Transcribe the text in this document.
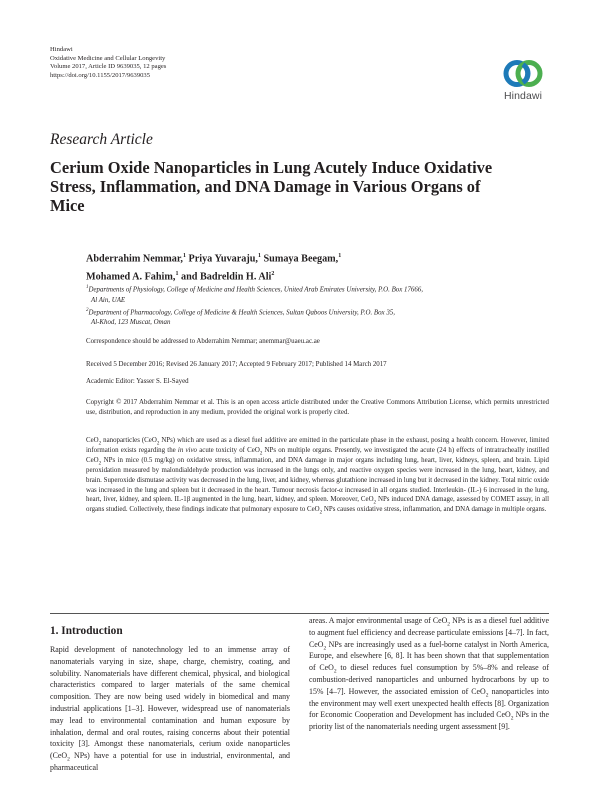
Hindawi
Oxidative Medicine and Cellular Longevity
Volume 2017, Article ID 9639035, 12 pages
https://doi.org/10.1155/2017/9639035
Hindawi
Research Article
Cerium Oxide Nanoparticles in Lung Acutely Induce Oxidative Stress, Inflammation, and DNA Damage in Various Organs of Mice
Abderrahim Nemmar,$^1$ Priya Yuvaraju,$^1$ Sumaya Beegam,$^1$
Mohamed A. Fahim,$^1$ and Badreldin H. Ali$^2$

$^1$Departments of Physiology, College of Medicine and Health Sciences, United Arab Emirates University, P.O. Box 17666,

Al Ain, UAE

$^2$Department of Pharmacology, College of Medicine & Health Sciences, Sultan Qaboos University, P.O. Box 35,

Al-Khod, 123 Muscat, Oman

Correspondence should be addressed to Abderrahim Nemmar; anemmar@uaeu.ac.ae
Received 5 December 2016; Revised 26 January 2017; Accepted 9 February 2017; Published 14 March 2017
Academic Editor: Yasser S. El-Sayed
Copyright © 2017 Abderrahim Nemmar et al. This is an open access article distributed under the Creative Commons Attribution License, which permits unrestricted use, distribution, and reproduction in any medium, provided the original work is properly cited.
CeO$_2$ nanoparticles (CeO$_2$ NPs) which are used as a diesel fuel additive are emitted in the particulate phase in the exhaust, posing a health concern. However, limited information exists regarding the in vivo acute toxicity of CeO$_2$ NPs on multiple organs. Presently, we investigated the acute (24 h) effects of intratracheally instilled CeO$_2$ NPs in mice (0.5 mg/kg) on oxidative stress, inflammation, and DNA damage in major organs including lung, heart, liver, kidneys, spleen, and brain. Lipid peroxidation measured by malondialdehyde production was increased in the lungs only, and reactive oxygen species were increased in the lung, heart, kidney, and brain. Superoxide dismutase activity was decreased in the lung, liver, and kidney, whereas glutathione increased in lung but it decreased in the kidney. Total nitric oxide was increased in the lung and spleen but it decreased in the heart. Tumour necrosis factor-α increased in all organs studied. Interleukin- (IL-) 6 increased in the lung, heart, liver, kidney, and spleen. IL-1β augmented in the lung, heart, kidney, and spleen. Moreover, CeO$_2$ NPs induced DNA damage, assessed by COMET assay, in all organs studied. Collectively, these findings indicate that pulmonary exposure to CeO$_2$ NPs causes oxidative stress, inflammation, and DNA damage in multiple organs.
1. Introduction

Rapid development of nanotechnology led to an immense array of nanomaterials varying in size, shape, charge, chemistry, coating, and solubility. Nanomaterials have different chemical, physical, and biological characteristics compared to larger materials of the same chemical composition. They are now being used widely in biomedical and many industrial applications [1–3]. However, widespread use of nanomaterials may lead to environmental contamination and human exposure by inhalation, dermal and oral routes, raising concerns about their potential toxicity [3]. Amongst these nanomaterials, cerium oxide nanoparticles (CeO$_2$ NPs) have a potential for use in industrial, environmental, and pharmaceutical

areas. A major environmental usage of CeO$_2$ NPs is as a diesel fuel additive to augment fuel efficiency and decrease particulate emissions [4–7]. In fact, CeO$_2$ NPs are increasingly used as a fuel-borne catalyst in North America, Europe, and elsewhere [6, 8]. It has been shown that that supplementation of CeO$_2$ to diesel reduces fuel consumption by 5%–8% and release of combustion-derived nanoparticles and unburned hydrocarbons by up to 15% [4–7]. However, the associated emission of CeO$_2$ nanoparticles into the environment may well exert unexpected health effects [8]. Organization for Economic Cooperation and Development has included CeO$_2$ NPs in the priority list of the nanomaterials needing urgent assessment [9].
